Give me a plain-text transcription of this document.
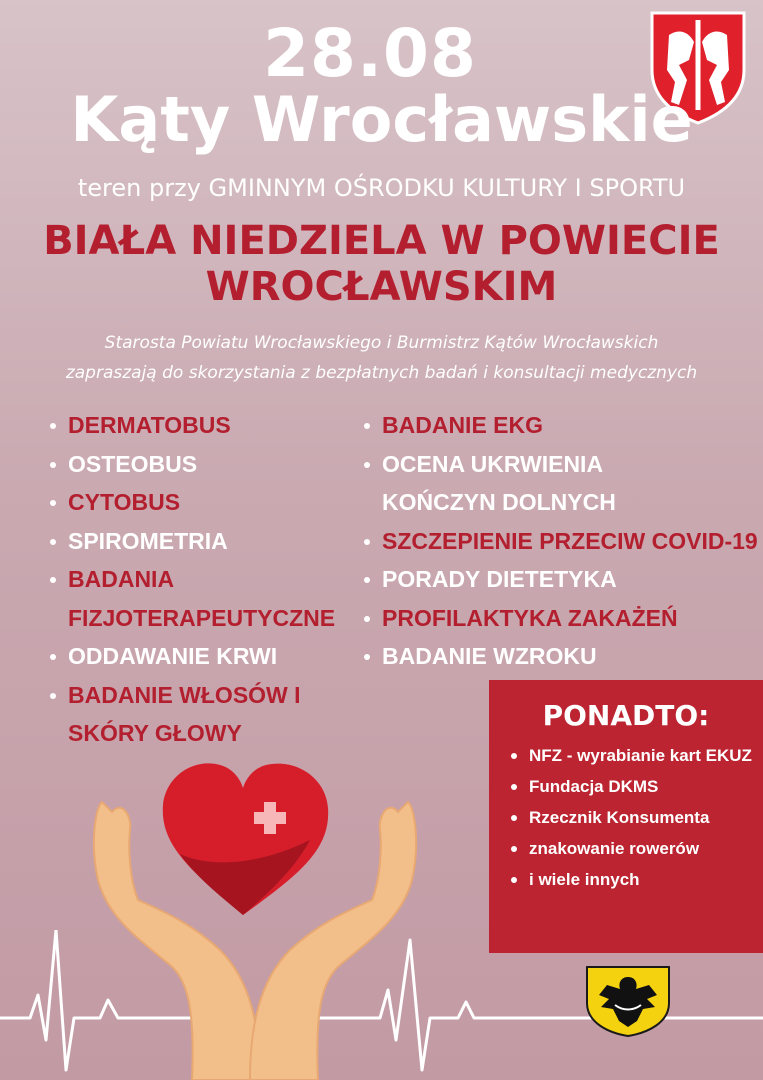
28.08
Kąty Wrocławskie
teren przy GMINNYM OŚRODKU KULTURY I SPORTU
BIAŁA NIEDZIELA W POWIECIE WROCŁAWSKIM
Starosta Powiatu Wrocławskiego i Burmistrz Kątów Wrocławskich
zapraszają do skorzystania z bezpłatnych badań i konsultacji medycznych
DERMATOBUS
OSTEOBUS
CYTOBUS
SPIROMETRIA
BADANIA FIZJOTERAPEUTYCZNE
ODDAWANIE KRWI
BADANIE WŁOSÓW I SKÓRY GŁOWY
BADANIE EKG
OCENA UKRWIENIA KOŃCZYN DOLNYCH
SZCZEPIENIE PRZECIW COVID-19
PORADY DIETETYKA
PROFILAKTYKA ZAKAŻEŃ
BADANIE WZROKU
PONADTO:
NFZ - wyrabianie kart EKUZ
Fundacja DKMS
Rzecznik Konsumenta
znakowanie rowerów
i wiele innych
